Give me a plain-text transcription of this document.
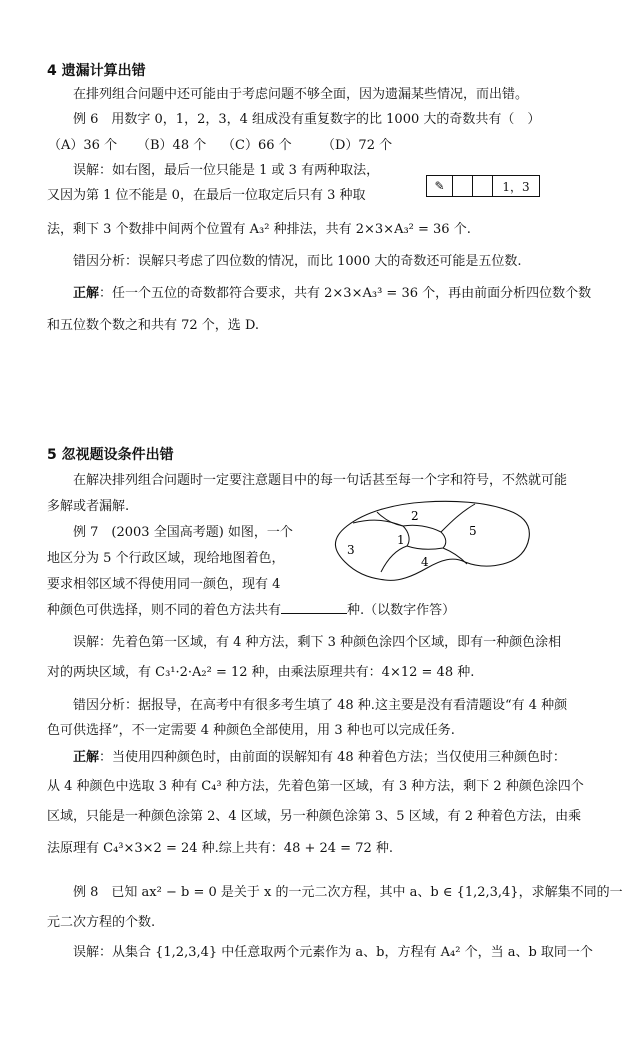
4 遗漏计算出错
在排列组合问题中还可能由于考虑问题不够全面，因为遗漏某些情况，而出错。
例 6　用数字 0，1，2，3，4 组成没有重复数字的比 1000 大的奇数共有（　）
（A）36 个 （B）48 个 （C）66 个 （D）72 个
误解：如右图，最后一位只能是 1 或 3 有两种取法，
又因为第 1 位不能是 0，在最后一位取定后只有 3 种取
✎	1，3
法，剩下 3 个数排中间两个位置有 A₃² 种排法，共有 2×3×A₃² = 36 个.
错因分析：误解只考虑了四位数的情况，而比 1000 大的奇数还可能是五位数.
正解：任一个五位的奇数都符合要求，共有 2×3×A₃³ = 36 个，再由前面分析四位数个数
和五位数个数之和共有 72 个，选 D.
5 忽视题设条件出错
在解决排列组合问题时一定要注意题目中的每一句话甚至每一个字和符号，不然就可能
多解或者漏解.
例 7　(2003 全国高考题) 如图，一个
地区分为 5 个行政区域，现给地图着色，
要求相邻区域不得使用同一颜色，现有 4
种颜色可供选择，则不同的着色方法共有	种.（以数字作答）
2
1
5
3
4
误解：先着色第一区域，有 4 种方法，剩下 3 种颜色涂四个区域，即有一种颜色涂相
对的两块区域，有 C₃¹·2·A₂² = 12 种，由乘法原理共有：4×12 = 48 种.
错因分析：据报导，在高考中有很多考生填了 48 种.这主要是没有看清题设“有 4 种颜
色可供选择”，不一定需要 4 种颜色全部使用，用 3 种也可以完成任务.
正解：当使用四种颜色时，由前面的误解知有 48 种着色方法；当仅使用三种颜色时：
从 4 种颜色中选取 3 种有 C₄³ 种方法，先着色第一区域，有 3 种方法，剩下 2 种颜色涂四个
区域，只能是一种颜色涂第 2、4 区域，另一种颜色涂第 3、5 区域，有 2 种着色方法，由乘
法原理有 C₄³×3×2 = 24 种.综上共有：48 + 24 = 72 种.
例 8　已知 ax² − b = 0 是关于 x 的一元二次方程，其中 a、b ∈ {1,2,3,4}，求解集不同的一
元二次方程的个数.
误解：从集合 {1,2,3,4} 中任意取两个元素作为 a、b，方程有 A₄² 个，当 a、b 取同一个
